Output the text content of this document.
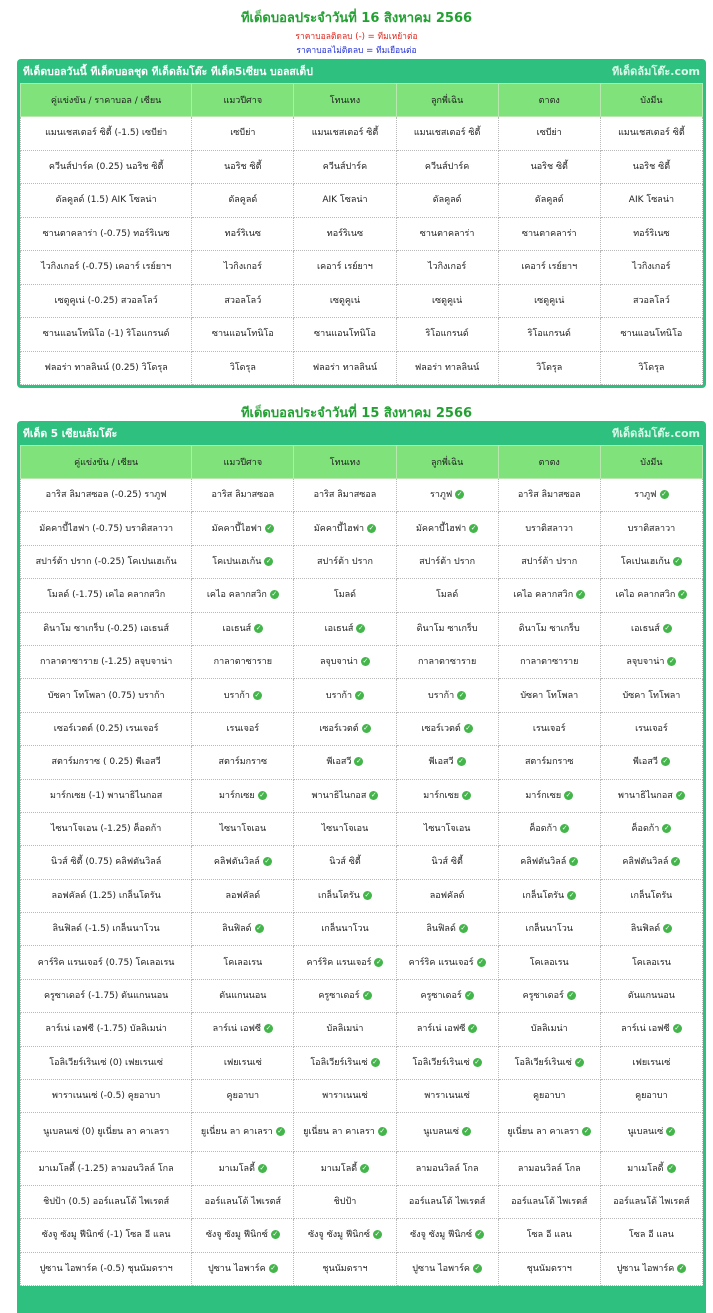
ทีเด็ดบอลประจำวันที่ 16 สิงหาคม 2566
ราคาบอลติดลบ (-) = ทีมเหย้าต่อ
ราคาบอลไม่ติดลบ = ทีมเยือนต่อ
ทีเด็ดบอลวันนี้ ทีเด็ดบอลชุด ทีเด็ดล้มโต๊ะ ทีเด็ด5เซียน บอลสเต็ป	ทีเด็ดล้มโต๊ะ.com
คู่แข่งขัน / ราคาบอล / เซียน	แมวปีศาจ	โทนเทง	ลูกพี่เฉิน	ตาตง	บังมีน
แมนเชสเตอร์ ซิตี้ (-1.5) เซบีย่า	เซบีย่า	แมนเชสเตอร์ ซิตี้	แมนเชสเตอร์ ซิตี้	เซบีย่า	แมนเชสเตอร์ ซิตี้
ควีนส์ปาร์ค (0.25) นอริช ซิตี้	นอริช ซิตี้	ควีนส์ปาร์ค	ควีนส์ปาร์ค	นอริช ซิตี้	นอริช ซิตี้
ดัลคูลด์ (1.5) AIK โซลน่า	ดัลคูลด์	AIK โซลน่า	ดัลคูลด์	ดัลคูลด์	AIK โซลน่า
ซานตาคลาร่า (-0.75) ทอร์ริเนซ	ทอร์ริเนซ	ทอร์ริเนซ	ซานตาคลาร่า	ซานตาคลาร่า	ทอร์ริเนซ
ไวกิงเกอร์ (-0.75) เคอาร์ เรย์ยาฯ	ไวกิงเกอร์	เคอาร์ เรย์ยาฯ	ไวกิงเกอร์	เคอาร์ เรย์ยาฯ	ไวกิงเกอร์
เซดูคูเน่ (-0.25) สวอลโลว์	สวอลโลว์	เซดูคูเน่	เซดูคูเน่	เซดูคูเน่	สวอลโลว์
ซานแอนโทนิโอ (-1) ริโอแกรนด์	ซานแอนโทนิโอ	ซานแอนโทนิโอ	ริโอแกรนด์	ริโอแกรนด์	ซานแอนโทนิโอ
ฟลอร่า ทาลลินน์ (0.25) วิโดรุล	วิโดรุล	ฟลอร่า ทาลลินน์	ฟลอร่า ทาลลินน์	วิโดรุล	วิโดรุล
ทีเด็ดบอลประจำวันที่ 15 สิงหาคม 2566
ทีเด็ด 5 เซียนล้มโต๊ะ	ทีเด็ดล้มโต๊ะ.com
คู่แข่งขัน / เซียน	แมวปีศาจ	โทนเทง	ลูกพี่เฉิน	ตาตง	บังมีน
อาริส ลิมาสซอล (-0.25) ราภูฟ	อาริส ลิมาสซอล	อาริส ลิมาสซอล	ราภูฟ ✓	อาริส ลิมาสซอล	ราภูฟ ✓
มัคคาบี้ไฮฟา (-0.75) บราติสลาวา	มัคคาบี้ไฮฟา ✓	มัคคาบี้ไฮฟา ✓	มัคคาบี้ไฮฟา ✓	บราติสลาวา	บราติสลาวา
สปาร์ต้า ปราก (-0.25) โคเปนเฮเก้น	โคเปนเฮเก้น ✓	สปาร์ต้า ปราก	สปาร์ต้า ปราก	สปาร์ต้า ปราก	โคเปนเฮเก้น ✓
โมลด์ (-1.75) เคไอ คลากสวิก	เคไอ คลากสวิก ✓	โมลด์	โมลด์	เคไอ คลากสวิก ✓	เคไอ คลากสวิก ✓
ดินาโม ซาเกร็บ (-0.25) เอเธนส์	เอเธนส์ ✓	เอเธนส์ ✓	ดินาโม ซาเกร็บ	ดินาโม ซาเกร็บ	เอเธนส์ ✓
กาลาตาซาราย (-1.25) ลจุบจาน่า	กาลาตาซาราย	ลจุบจาน่า ✓	กาลาตาซาราย	กาลาตาซาราย	ลจุบจาน่า ✓
บัซคา โทโพลา (0.75) บราก้า	บราก้า ✓	บราก้า ✓	บราก้า ✓	บัซคา โทโพลา	บัซคา โทโพลา
เซอร์เวตต์ (0.25) เรนเจอร์	เรนเจอร์	เซอร์เวตต์ ✓	เซอร์เวตต์ ✓	เรนเจอร์	เรนเจอร์
สตาร์มกราซ ( 0.25) พีเอสวี	สตาร์มกราซ	พีเอสวี ✓	พีเอสวี ✓	สตาร์มกราซ	พีเอสวี ✓
มาร์กเซย (-1) พานาธิไนกอส	มาร์กเซย ✓	พานาธิไนกอส ✓	มาร์กเซย ✓	มาร์กเซย ✓	พานาธิไนกอส ✓
ไซนาโจเอน (-1.25) ค็อดก้า	ไซนาโจเอน	ไซนาโจเอน	ไซนาโจเอน	ค็อดก้า ✓	ค็อดก้า ✓
นิวส์ ซิตี้ (0.75) คลิฟตันวิลล์	คลิฟตันวิลล์ ✓	นิวส์ ซิตี้	นิวส์ ซิตี้	คลิฟตันวิลล์ ✓	คลิฟตันวิลล์ ✓
ลอฟคัลด์ (1.25) เกล็นโตรัน	ลอฟคัลด์	เกล็นโตรัน ✓	ลอฟคัลด์	เกล็นโตรัน ✓	เกล็นโตรัน
ลินฟิลด์ (-1.5) เกล็นนาโวน	ลินฟิลด์ ✓	เกล็นนาโวน	ลินฟิลด์ ✓	เกล็นนาโวน	ลินฟิลด์ ✓
คาร์ริค แรนเจอร์ (0.75) โคเลอเรน	โคเลอเรน	คาร์ริค แรนเจอร์ ✓	คาร์ริค แรนเจอร์ ✓	โคเลอเรน	โคเลอเรน
ครูซาเดอร์ (-1.75) ดันแกนนอน	ดันแกนนอน	ครูซาเดอร์ ✓	ครูซาเดอร์ ✓	ครูซาเดอร์ ✓	ดันแกนนอน
ลาร์เน่ เอฟซี (-1.75) บัลลิเมน่า	ลาร์เน่ เอฟซี ✓	บัลลิเมน่า	ลาร์เน่ เอฟซี ✓	บัลลิเมน่า	ลาร์เน่ เอฟซี ✓
โอลิเวียร์เรินเซ่ (0) เฟยเรนเซ่	เฟยเรนเซ่	โอลิเวียร์เรินเซ่ ✓	โอลิเวียร์เรินเซ่ ✓	โอลิเวียร์เรินเซ่ ✓	เฟยเรนเซ่
พาราเนนเซ่ (-0.5) คูยอาบา	คูยอาบา	พาราเนนเซ่	พาราเนนเซ่	คูยอาบา	คูยอาบา
นูเบลนเซ่ (0) ยูเนี่ยน ลา คาเลรา	ยูเนี่ยน ลา คาเลรา ✓	ยูเนี่ยน ลา คาเลรา ✓	นูเบลนเซ่ ✓	ยูเนี่ยน ลา คาเลรา ✓	นูเบลนเซ่ ✓
มาเมโลดี้ (-1.25) ลามอนวิลล์ โกล	มาเมโลดี้ ✓	มาเมโลดี้ ✓	ลามอนวิลล์ โกล	ลามอนวิลล์ โกล	มาเมโลดี้ ✓
ชิปป้า (0.5) ออร์แลนโด้ ไพเรตส์	ออร์แลนโด้ ไพเรตส์	ชิปป้า	ออร์แลนโด้ ไพเรตส์	ออร์แลนโด้ ไพเรตส์	ออร์แลนโด้ ไพเรตส์
ซังจู ซังมู ฟีนิกซ์ (-1) โซล อี แลน	ซังจู ซังมู ฟีนิกซ์ ✓	ซังจู ซังมู ฟีนิกซ์ ✓	ซังจู ซังมู ฟีนิกซ์ ✓	โซล อี แลน	โซล อี แลน
ปูซาน ไอพาร์ค (-0.5) ชุนนัมดราฯ	ปูซาน ไอพาร์ค ✓	ชุนนัมดราฯ	ปูซาน ไอพาร์ค ✓	ชุนนัมดราฯ	ปูซาน ไอพาร์ค ✓
